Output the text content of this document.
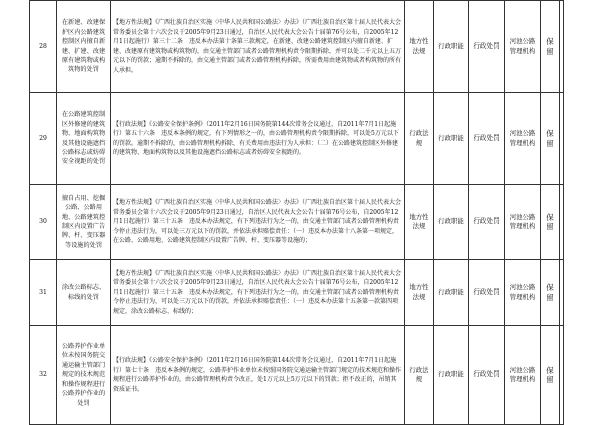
28	在新建、改建保护区内公路建筑控制区内擅自新建、扩建、改建原有建筑物或构筑物的处罚	【地方性法规】《广西壮族自治区实施〈中华人民共和国公路法〉办法》（广西壮族自治区第十届人民代表大会常务委员会第十六次会议于2005年9月23日通过，自治区人民代表大会公告十届第76号公布，自2005年12月1日起施行）第三十二条　违反本办法第十条第三款规定，在新建、改建公路建筑控制区内擅自新建、扩建、改建原有建筑物或构筑物的，由交通主管部门或者公路管理机构责令限期拆除，并可以处二千元以上五万元以下的罚款；逾期不拆除的，由交通主管部门或者公路管理机构拆除，所需费用由建筑物或者构筑物的所有人承担。	地方性法规	行政职能	行政处罚	河池公路管理机构	保留	
29	在公路建筑控制区外修建的建筑物、地面构筑物及其他设施遮挡公路标志或妨碍安全视距的处罚	【行政法规】《公路安全保护条例》（2011年2月16日国务院第144次常务会议通过，自2011年7月1日起施行）第五十六条　违反本条例的规定，有下列情形之一的，由公路管理机构责令限期拆除，可以处5万元以下的罚款。逾期不拆除的，由公路管理机构拆除，有关费用由违法行为人承担：（二）在公路建筑控制区外修建的建筑物、地面构筑物以及其他设施遮挡公路标志或者妨碍安全视距的。	行政法规	行政职能	行政处罚	河池公路管理机构	保留	
30	擅自占用、挖掘公路、公路用地、公路建筑控制区内设置广告牌、杆、变压器等设施的处罚	【地方性法规】《广西壮族自治区实施〈中华人民共和国公路法〉办法》（广西壮族自治区第十届人民代表大会常务委员会第十六次会议于2005年9月23日通过，自治区人民代表大会公告十届第76号公布，自2005年12月1日起施行）第三十五条　违反本办法规定，有下列违法行为之一的，由交通主管部门或者公路管理机构责令停止违法行为，可以处三万元以下的罚款，并依法承担赔偿责任：（一）违反本办法第十八条第一项规定，在公路、公路用地、公路建筑控制区内设置广告牌、杆、变压器等设施的；	地方性法规	行政职能	行政处罚	河池公路管理机构	保留	
31	涂改公路标志、标线的处罚	【地方性法规】《广西壮族自治区实施〈中华人民共和国公路法〉办法》（广西壮族自治区第十届人民代表大会常务委员会第十六次会议于2005年9月23日通过，自治区人民代表大会公告十届第76号公布，自2005年12月1日起施行）第三十五条　违反本办法规定，有下列违法行为之一的，由交通主管部门或者公路管理机构责令停止违法行为，可以处三万元以下的罚款，并依法承担赔偿责任：（一）违反本办法第十五条第一款第四项规定，涂改公路标志、标线的；	地方性法规	行政职能	行政处罚	河池公路管理机构	保留	
32	公路养护作业单位未按国务院交通运输主管部门规定的技术规范和操作规程进行公路养护作业的处罚	【行政法规】《公路安全保护条例》（2011年2月16日国务院第144次常务会议通过，自2011年7月1日起施行）第七十条　违反本条例的规定，公路养护作业单位未按照国务院交通运输主管部门规定的技术规范和操作规程进行公路养护作业的，由公路管理机构责令改正，处1万元以上5万元以下的罚款；拒不改正的，吊销其资质证书。	行政法规	行政职能	行政处罚	河池公路管理机构	保留	
